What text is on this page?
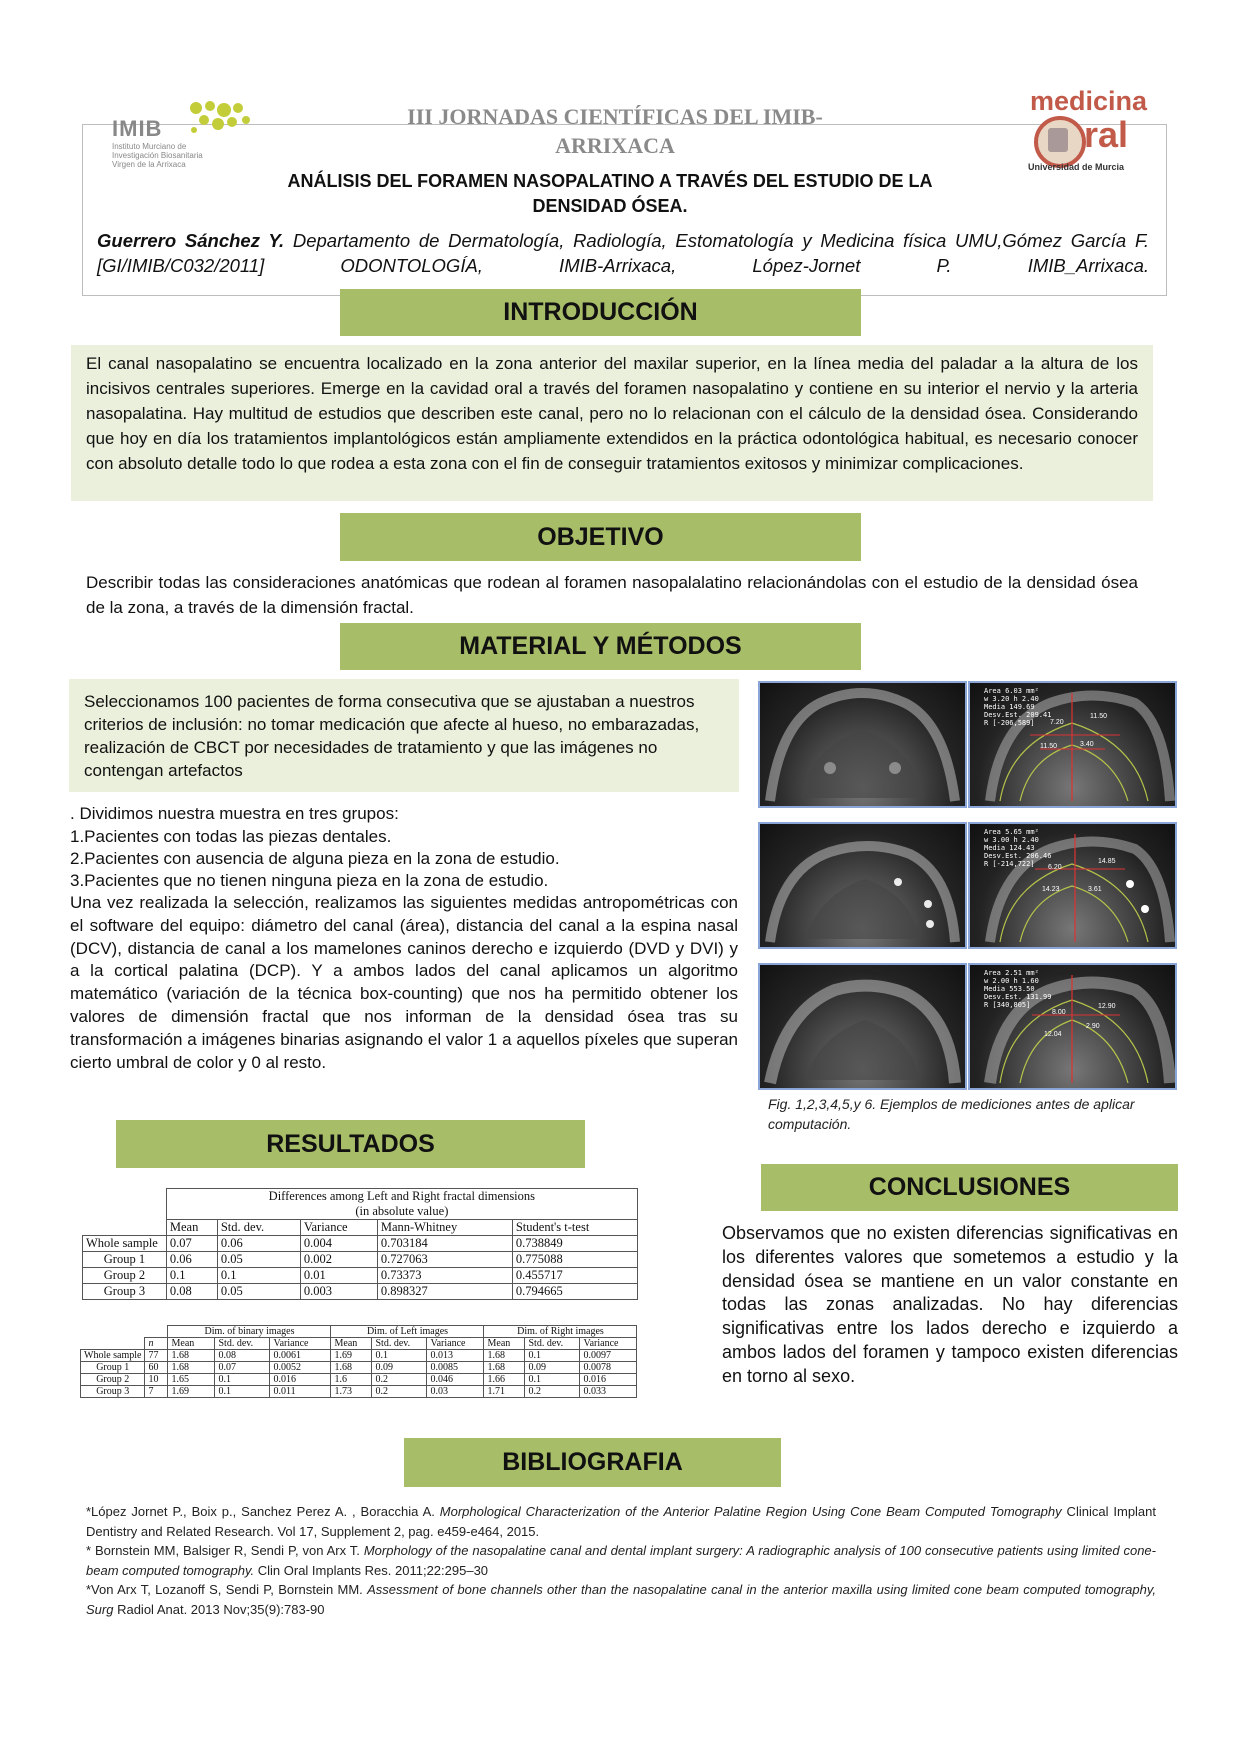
IMIB
Instituto Murciano de
Investigación Biosanitaria
Virgen de la Arrixaca
III JORNADAS CIENTÍFICAS DEL IMIB-
ARRIXACA
medicina
ral
Universidad de Murcia
ANÁLISIS DEL FORAMEN NASOPALATINO A TRAVÉS DEL ESTUDIO DE LA
DENSIDAD ÓSEA.
Guerrero Sánchez Y. Departamento de Dermatología, Radiología, Estomatología y Medicina física UMU,Gómez García F.[GI/IMIB/C032/2011] ODONTOLOGÍA, IMIB-Arrixaca, López-Jornet P. IMIB_Arrixaca.
INTRODUCCIÓN
El canal nasopalatino se encuentra localizado en la zona anterior del maxilar superior, en la línea media del paladar a la altura de los incisivos centrales superiores. Emerge en la cavidad oral a través del foramen nasopalatino y contiene en su interior el nervio y la arteria nasopalatina. Hay multitud de estudios que describen este canal, pero no lo relacionan con el cálculo de la densidad ósea. Considerando que hoy en día los tratamientos implantológicos están ampliamente extendidos en la práctica odontológica habitual, es necesario conocer con absoluto detalle todo lo que rodea a esta zona con el fin de conseguir tratamientos exitosos y minimizar complicaciones.
OBJETIVO
Describir todas las consideraciones anatómicas que rodean al foramen nasopalalatino relacionándolas con el estudio de la densidad ósea de la zona, a través de la dimensión fractal.
MATERIAL Y MÉTODOS
Seleccionamos 100 pacientes de forma consecutiva que se ajustaban a nuestros criterios de inclusión: no tomar medicación que afecte al hueso, no embarazadas, realización de CBCT por necesidades de tratamiento y que las imágenes no contengan artefactos
. Dividimos nuestra muestra en tres grupos:
1.Pacientes con todas las piezas dentales.
2.Pacientes con ausencia de alguna pieza en la zona de estudio.
3.Pacientes que no tienen ninguna pieza en la zona de estudio.
Una vez realizada la selección, realizamos las siguientes medidas antropométricas con el software del equipo: diámetro del canal (área), distancia del canal a la espina nasal (DCV), distancia de canal a los mamelones caninos derecho e izquierdo (DVD y DVI) y a la cortical palatina (DCP). Y a ambos lados del canal aplicamos un algoritmo matemático (variación de la técnica box-counting) que nos ha permitido obtener los valores de dimensión fractal que nos informan de la densidad ósea tras su transformación a imágenes binarias asignando el valor 1 a aquellos píxeles que superan cierto umbral de color y 0 al resto.
Area 6.03 mm²
w 3.20 h 2.40
Media 149.69
Desv.Est. 209.41
R [-206,589]	7.20
11.50
11.50	3.40
Area 5.65 mm²
w 3.00 h 2.40
Media 124.43
Desv.Est. 206.46
R [-214,722]	6.20
14.85
14.23	3.61
Area 2.51 mm²
w 2.00 h 1.60
Media 553.50
Desv.Est. 131.99
R [340,805]
8.00
12.90
12.04
2.90
Fig. 1,2,3,4,5,y 6. Ejemplos de mediciones antes de aplicar computación.
RESULTADOS

	Differences among Left and Right fractal dimensions
(in absolute value)				

	Mean	Std. dev.	Variance	Mann-Whitney	Student's t-test
Whole sample	0.07	0.06	0.004	0.703184	0.738849
Group 1	0.06	0.05	0.002	0.727063	0.775088
Group 2	0.1	0.1	0.01	0.73373	0.455717
Group 3	0.08	0.05	0.003	0.898327	0.794665
		Dim. of binary images			Dim. of Left images			Dim. of Right images		
	n	Mean	Std. dev.	Variance	Mean	Std. dev.	Variance	Mean	Std. dev.	Variance
Whole sample	77	1.68	0.08	0.0061	1.69	0.1	0.013	1.68	0.1	0.0097
Group 1	60	1.68	0.07	0.0052	1.68	0.09	0.0085	1.68	0.09	0.0078
Group 2	10	1.65	0.1	0.016	1.6	0.2	0.046	1.66	0.1	0.016
Group 3	7	1.69	0.1	0.011	1.73	0.2	0.03	1.71	0.2	0.033
CONCLUSIONES
Observamos que no existen diferencias significativas en los diferentes valores que sometemos a estudio y la densidad ósea se mantiene en un valor constante en todas las zonas analizadas. No hay diferencias significativas entre los lados derecho e izquierdo a ambos lados del foramen y tampoco existen diferencias en torno al sexo.
BIBLIOGRAFIA

*López Jornet P., Boix p., Sanchez Perez A. , Boracchia A. Morphological Characterization of the Anterior Palatine Region Using Cone Beam Computed Tomography Clinical Implant Dentistry and Related Research. Vol 17, Supplement 2, pag. e459-e464, 2015.

* Bornstein MM, Balsiger R, Sendi P, von Arx T. Morphology of the nasopalatine canal and dental implant surgery: A radiographic analysis of 100 consecutive patients using limited cone-beam computed tomography. Clin Oral Implants Res. 2011;22:295–30

*Von Arx T, Lozanoff S, Sendi P, Bornstein MM. Assessment of bone channels other than the nasopalatine canal in the anterior maxilla using limited cone beam computed tomography, Surg Radiol Anat. 2013 Nov;35(9):783-90
